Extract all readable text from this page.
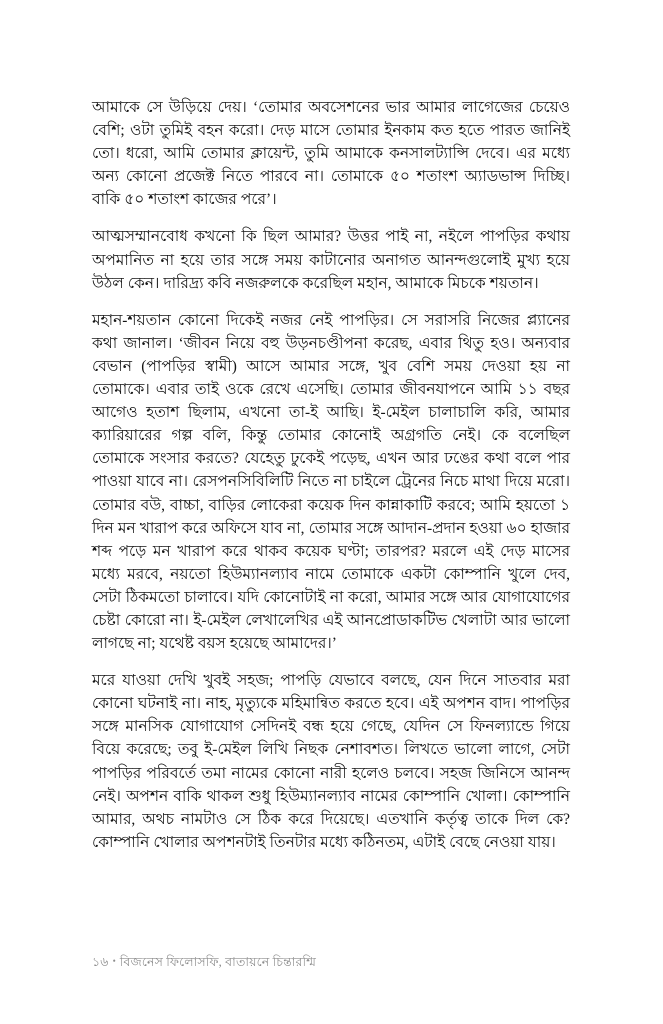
আমাকে সে উড়িয়ে দেয়। ‘তোমার অবসেশনের ভার আমার লাগেজের চেয়েও বেশি; ওটা তুমিই বহন করো। দেড় মাসে তোমার ইনকাম কত হতে পারত জানিই তো। ধরো, আমি তোমার ক্লায়েন্ট, তুমি আমাকে কনসালট্যান্সি দেবে। এর মধ্যে অন্য কোনো প্রজেক্ট নিতে পারবে না। তোমাকে ৫০ শতাংশ অ্যাডভান্স দিচ্ছি। বাকি ৫০ শতাংশ কাজের পরে’।

আত্মসম্মানবোধ কখনো কি ছিল আমার? উত্তর পাই না, নইলে পাপড়ির কথায় অপমানিত না হয়ে তার সঙ্গে সময় কাটানোর অনাগত আনন্দগুলোই মুখ্য হয়ে উঠল কেন। দারিদ্র্য কবি নজরুলকে করেছিল মহান, আমাকে মিচকে শয়তান।

মহান-শয়তান কোনো দিকেই নজর নেই পাপড়ির। সে সরাসরি নিজের প্ল্যানের কথা জানাল। ‘জীবন নিয়ে বহু উড়নচণ্ডীপনা করেছ, এবার থিতু হও। অন্যবার বেভান (পাপড়ির স্বামী) আসে আমার সঙ্গে, খুব বেশি সময় দেওয়া হয় না তোমাকে। এবার তাই ওকে রেখে এসেছি। তোমার জীবনযাপনে আমি ১১ বছর আগেও হতাশ ছিলাম, এখনো তা-ই আছি। ই-মেইল চালাচালি করি, আমার ক্যারিয়ারের গল্প বলি, কিন্তু তোমার কোনোই অগ্রগতি নেই। কে বলেছিল তোমাকে সংসার করতে? যেহেতু ঢুকেই পড়েছ, এখন আর ঢঙের কথা বলে পার পাওয়া যাবে না। রেসপনসিবিলিটি নিতে না চাইলে ট্রেনের নিচে মাথা দিয়ে মরো। তোমার বউ, বাচ্চা, বাড়ির লোকেরা কয়েক দিন কান্নাকাটি করবে; আমি হয়তো ১ দিন মন খারাপ করে অফিসে যাব না, তোমার সঙ্গে আদান-প্রদান হওয়া ৬০ হাজার শব্দ পড়ে মন খারাপ করে থাকব কয়েক ঘণ্টা; তারপর? মরলে এই দেড় মাসের মধ্যে মরবে, নয়তো হিউম্যানল্যাব নামে তোমাকে একটা কোম্পানি খুলে দেব, সেটা ঠিকমতো চালাবে। যদি কোনোটাই না করো, আমার সঙ্গে আর যোগাযোগের চেষ্টা কোরো না। ই-মেইল লেখালেখির এই আনপ্রোডাকটিভ খেলাটা আর ভালো লাগছে না; যথেষ্ট বয়স হয়েছে আমাদের।’

মরে যাওয়া দেখি খুবই সহজ; পাপড়ি যেভাবে বলছে, যেন দিনে সাতবার মরা কোনো ঘটনাই না। নাহ, মৃত্যুকে মহিমান্বিত করতে হবে। এই অপশন বাদ। পাপড়ির সঙ্গে মানসিক যোগাযোগ সেদিনই বন্ধ হয়ে গেছে, যেদিন সে ফিনল্যান্ডে গিয়ে বিয়ে করেছে; তবু ই-মেইল লিখি নিছক নেশাবশত। লিখতে ভালো লাগে, সেটা পাপড়ির পরিবর্তে তমা নামের কোনো নারী হলেও চলবে। সহজ জিনিসে আনন্দ নেই। অপশন বাকি থাকল শুধু হিউম্যানল্যাব নামের কোম্পানি খোলা। কোম্পানি আমার, অথচ নামটাও সে ঠিক করে দিয়েছে। এতখানি কর্তৃত্ব তাকে দিল কে? কোম্পানি খোলার অপশনটাই তিনটার মধ্যে কঠিনতম, এটাই বেছে নেওয়া যায়।

১৬ • বিজনেস ফিলোসফি, বাতায়নে চিন্তারশ্মি
